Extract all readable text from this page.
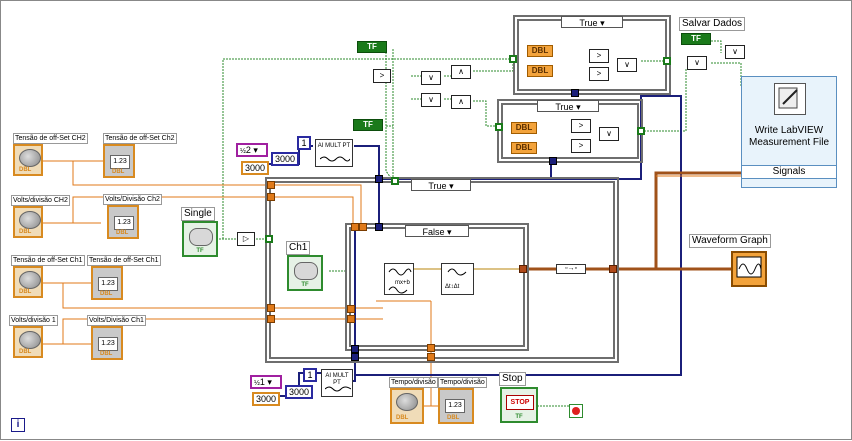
True ▾
False ▾
True ▾
True ▾
Tensão de off-Set CH2
DBL
Tensão de off-Set Ch2
1.23
DBL
Volts/divisão CH2
DBL
Volts/Divisão Ch2
1.23
DBL
Tensão de off-Set Ch1
DBL
Tensão de off-Set Ch1
1.23
DBL
Volts/divisão 1
DBL
Volts/Divisão Ch1
1.23
DBL
Single
TF
▷
Ch1
TF
½2 ▾
3000
1
3000
AI MULT PT
½1 ▾
3000
1
3000
AI MULT PT
mx+b
Δt↕Δt
▫→▫
>	∨
∨
∧
∧
TF
TF
DBL
DBL
>
>
∨
DBL
DBL
>
>
∨
Salvar Dados
TF
∨
∨
Write LabVIEW Measurement File
Signals
Waveform Graph
Tempo/divisão
DBL
Tempo/divisão
1.23
DBL
Stop
STOP
TF
i
